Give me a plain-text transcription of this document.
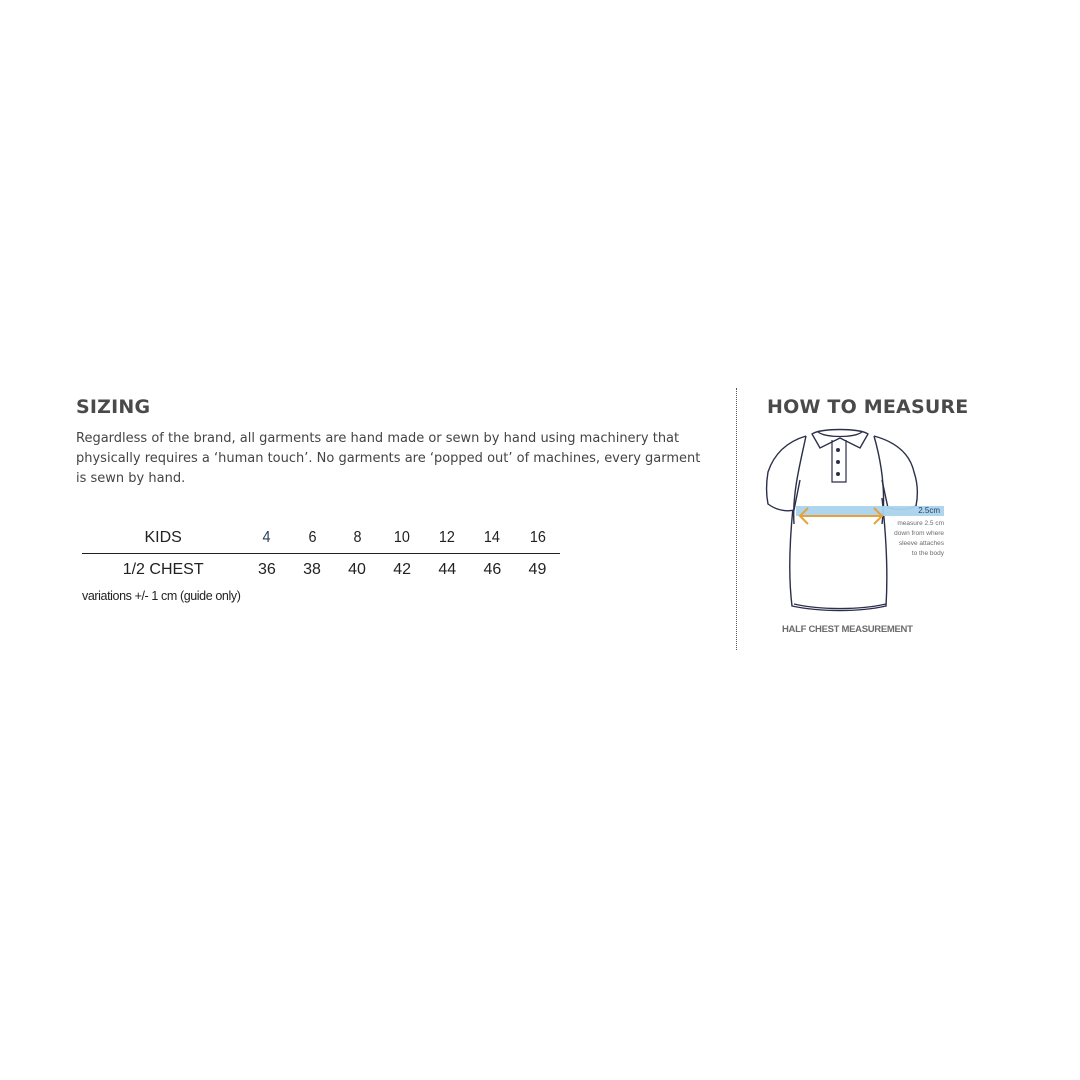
SIZING

Regardless of the brand, all garments are hand made or sewn by hand using machinery that physically requires a ‘human touch’. No garments are ‘popped out’ of machines, every garment is sewn by hand.

KIDS	4	6	8	10	12	14	16
1/2 CHEST	36	38	40	42	44	46	49

variations +/- 1 cm (guide only)

HOW TO MEASURE
2.5cm
measure 2.5 cm
down from where
sleeve attaches
to the body

HALF CHEST MEASUREMENT
